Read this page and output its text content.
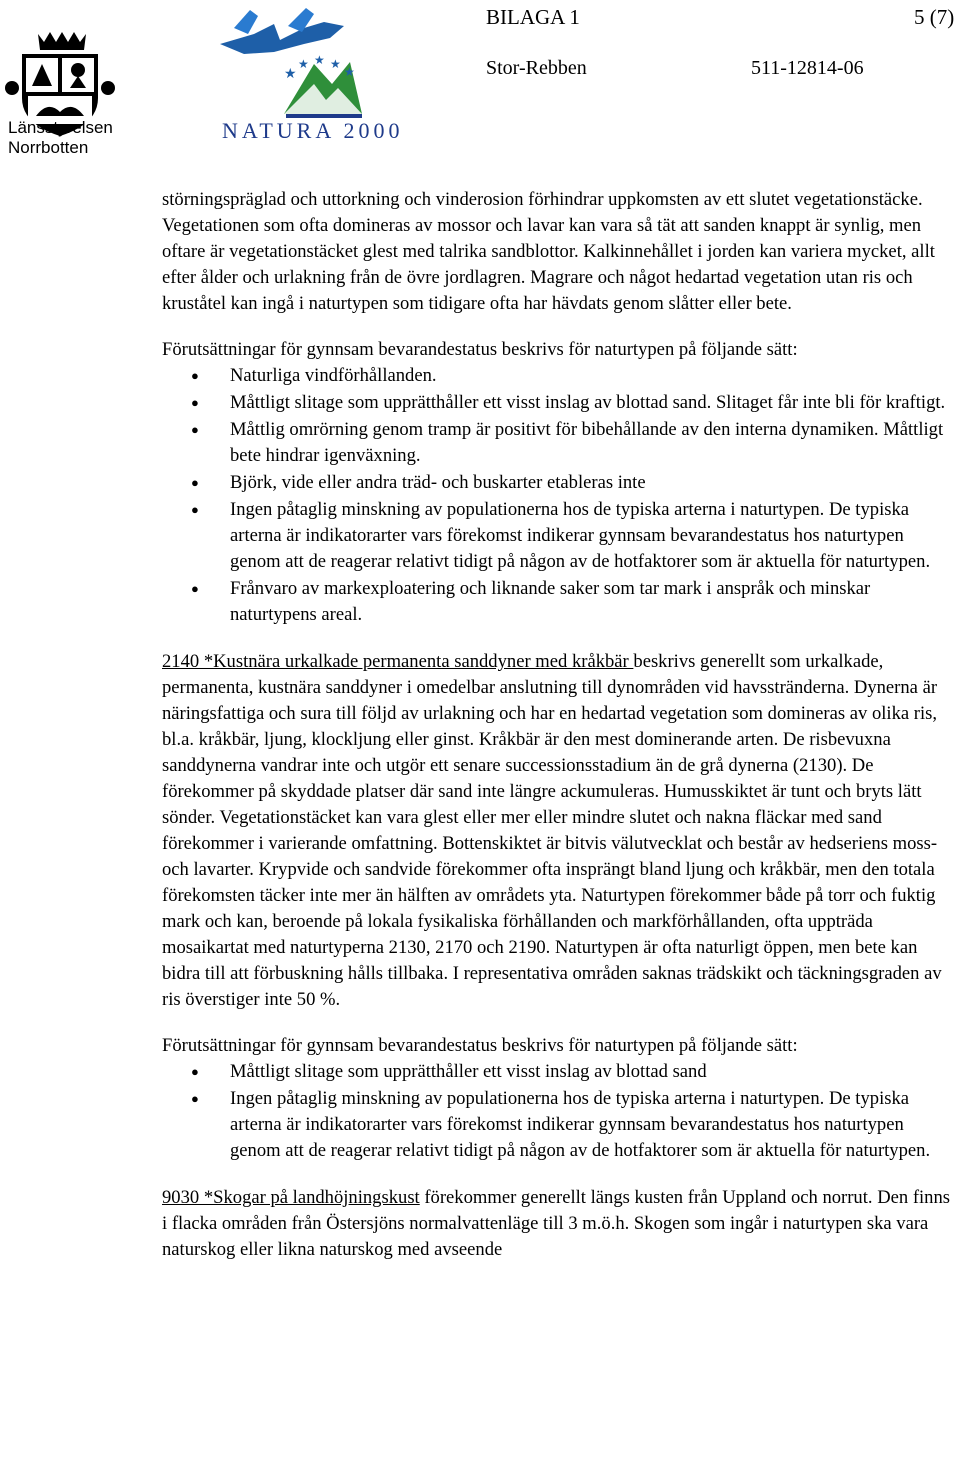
Länsstyrelsen
Norrbotten
★
★ ★ ★
★
NATURA 2000
BILAGA 1	5 (7)
Stor-Rebben	511-12814-06

störningspräglad och uttorkning och vinderosion förhindrar uppkomsten av ett slutet vegetationstäcke. Vegetationen som ofta domineras av mossor och lavar kan vara så tät att sanden knappt är synlig, men oftare är vegetationstäcket glest med talrika sandblottor. Kalkinnehållet i jorden kan variera mycket, allt efter ålder och urlakning från de övre jordlagren. Magrare och något hedartad vegetation utan ris och kruståtel kan ingå i naturtypen som tidigare ofta har hävdats genom slåtter eller bete.

Förutsättningar för gynnsam bevarandestatus beskrivs för naturtypen på följande sätt:

● Naturliga vindförhållanden.
● Måttligt slitage som upprätthåller ett visst inslag av blottad sand. Slitaget får inte bli för kraftigt.
● Måttlig omrörning genom tramp är positivt för bibehållande av den interna dynamiken. Måttligt bete hindrar igenväxning.
● Björk, vide eller andra träd- och buskarter etableras inte
● Ingen påtaglig minskning av populationerna hos de typiska arterna i naturtypen. De typiska arterna är indikatorarter vars förekomst indikerar gynnsam bevarandestatus hos naturtypen genom att de reagerar relativt tidigt på någon av de hotfaktorer som är aktuella för naturtypen.
● Frånvaro av markexploatering och liknande saker som tar mark i anspråk och minskar naturtypens areal.

2140 *Kustnära urkalkade permanenta sanddyner med kråkbär beskrivs generellt som urkalkade, permanenta, kustnära sanddyner i omedelbar anslutning till dynområden vid havsstränderna. Dynerna är näringsfattiga och sura till följd av urlakning och har en hedartad vegetation som domineras av olika ris, bl.a. kråkbär, ljung, klockljung eller ginst. Kråkbär är den mest dominerande arten. De risbevuxna sanddynerna vandrar inte och utgör ett senare successionsstadium än de grå dynerna (2130). De förekommer på skyddade platser där sand inte längre ackumuleras. Humusskiktet är tunt och bryts lätt sönder. Vegetationstäcket kan vara glest eller mer eller mindre slutet och nakna fläckar med sand förekommer i varierande omfattning. Bottenskiktet är bitvis välutvecklat och består av hedseriens moss- och lavarter. Krypvide och sandvide förekommer ofta insprängt bland ljung och kråkbär, men den totala förekomsten täcker inte mer än hälften av områdets yta. Naturtypen förekommer både på torr och fuktig mark och kan, beroende på lokala fysikaliska förhållanden och markförhållanden, ofta uppträda mosaikartat med naturtyperna 2130, 2170 och 2190. Naturtypen är ofta naturligt öppen, men bete kan bidra till att förbuskning hålls tillbaka. I representativa områden saknas trädskikt och täckningsgraden av ris överstiger inte 50 %.

Förutsättningar för gynnsam bevarandestatus beskrivs för naturtypen på följande sätt:

● Måttligt slitage som upprätthåller ett visst inslag av blottad sand
● Ingen påtaglig minskning av populationerna hos de typiska arterna i naturtypen. De typiska arterna är indikatorarter vars förekomst indikerar gynnsam bevarandestatus hos naturtypen genom att de reagerar relativt tidigt på någon av de hotfaktorer som är aktuella för naturtypen.

9030 *Skogar på landhöjningskust förekommer generellt längs kusten från Uppland och norrut. Den finns i flacka områden från Östersjöns normalvattenläge till 3 m.ö.h. Skogen som ingår i naturtypen ska vara naturskog eller likna naturskog med avseende
